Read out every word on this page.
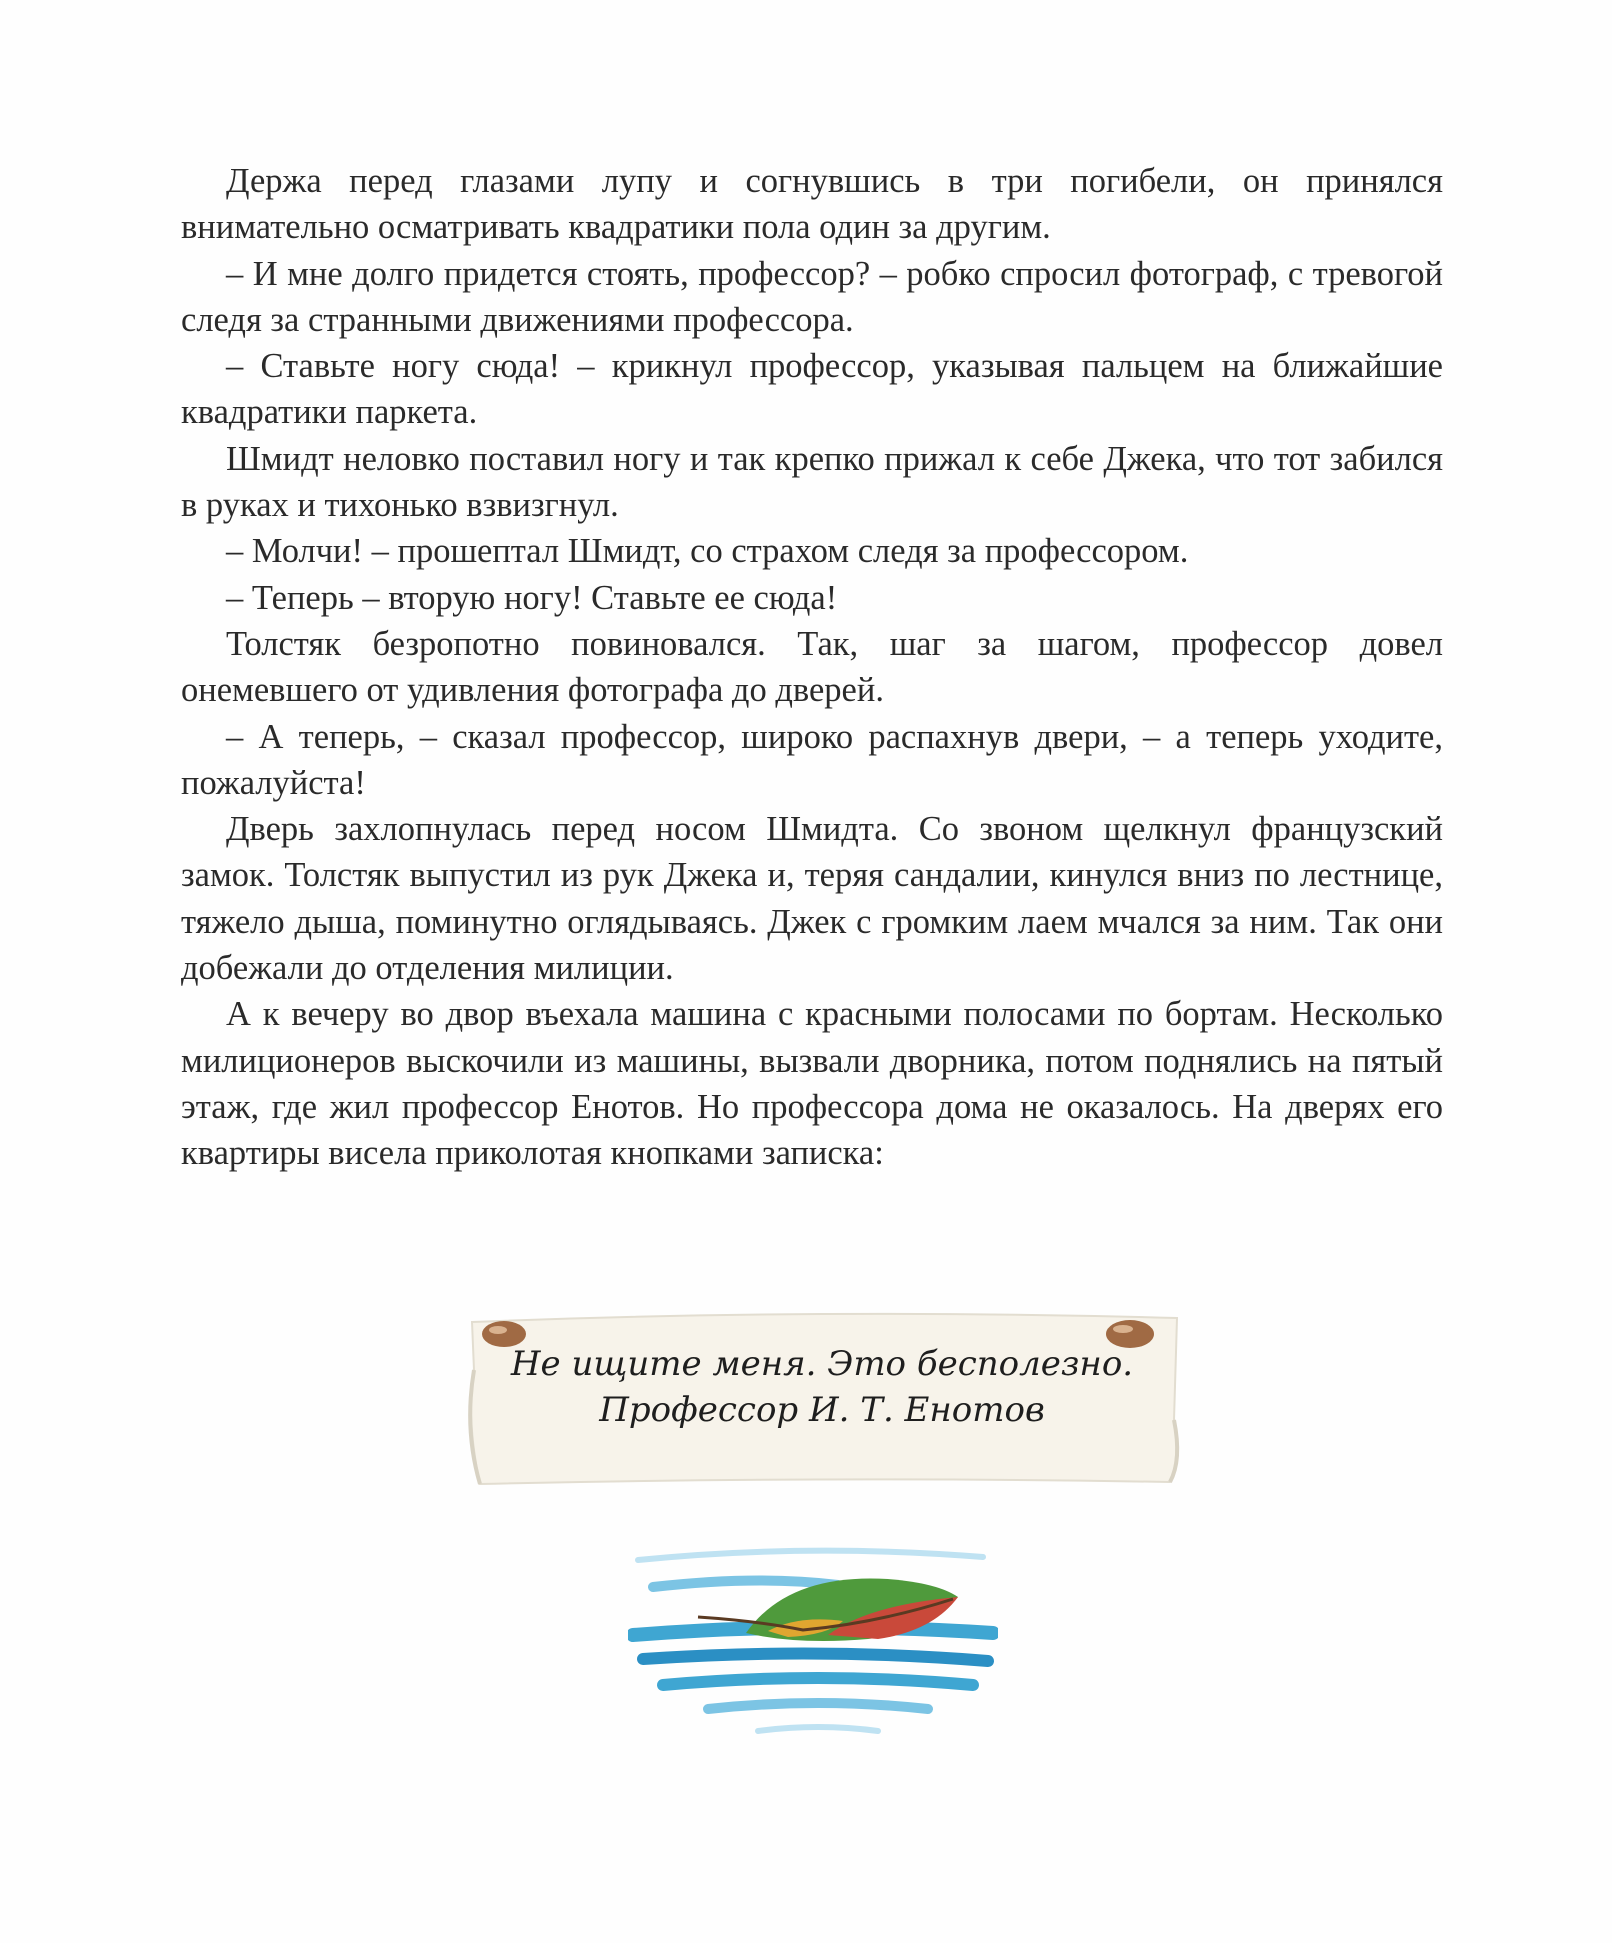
Держа перед глазами лупу и согнувшись в три погибели, он принялся внимательно осматривать квадратики пола один за другим.

– И мне долго придется стоять, профессор? – робко спросил фотограф, с тревогой следя за странными движениями профессора.

– Ставьте ногу сюда! – крикнул профессор, указывая пальцем на ближайшие квадратики паркета.

Шмидт неловко поставил ногу и так крепко прижал к себе Джека, что тот забился в руках и тихонько взвизгнул.

– Молчи! – прошептал Шмидт, со страхом следя за профессором.

– Теперь – вторую ногу! Ставьте ее сюда!

Толстяк безропотно повиновался. Так, шаг за шагом, профессор довел онемевшего от удивления фотографа до дверей.

– А теперь, – сказал профессор, широко распахнув двери, – а теперь уходите, пожалуйста!

Дверь захлопнулась перед носом Шмидта. Со звоном щелкнул французский замок. Толстяк выпустил из рук Джека и, теряя сандалии, кинулся вниз по лестнице, тяжело дыша, поминутно оглядываясь. Джек с громким лаем мчался за ним. Так они добежали до отделения милиции.

А к вечеру во двор въехала машина с красными полосами по бортам. Несколько милиционеров выскочили из машины, вызвали дворника, потом поднялись на пятый этаж, где жил профессор Енотов. Но профессора дома не оказалось. На дверях его квартиры висела приколотая кнопками записка:

Не ищите меня. Это бесполезно.
Профессор И. Т. Енотов
